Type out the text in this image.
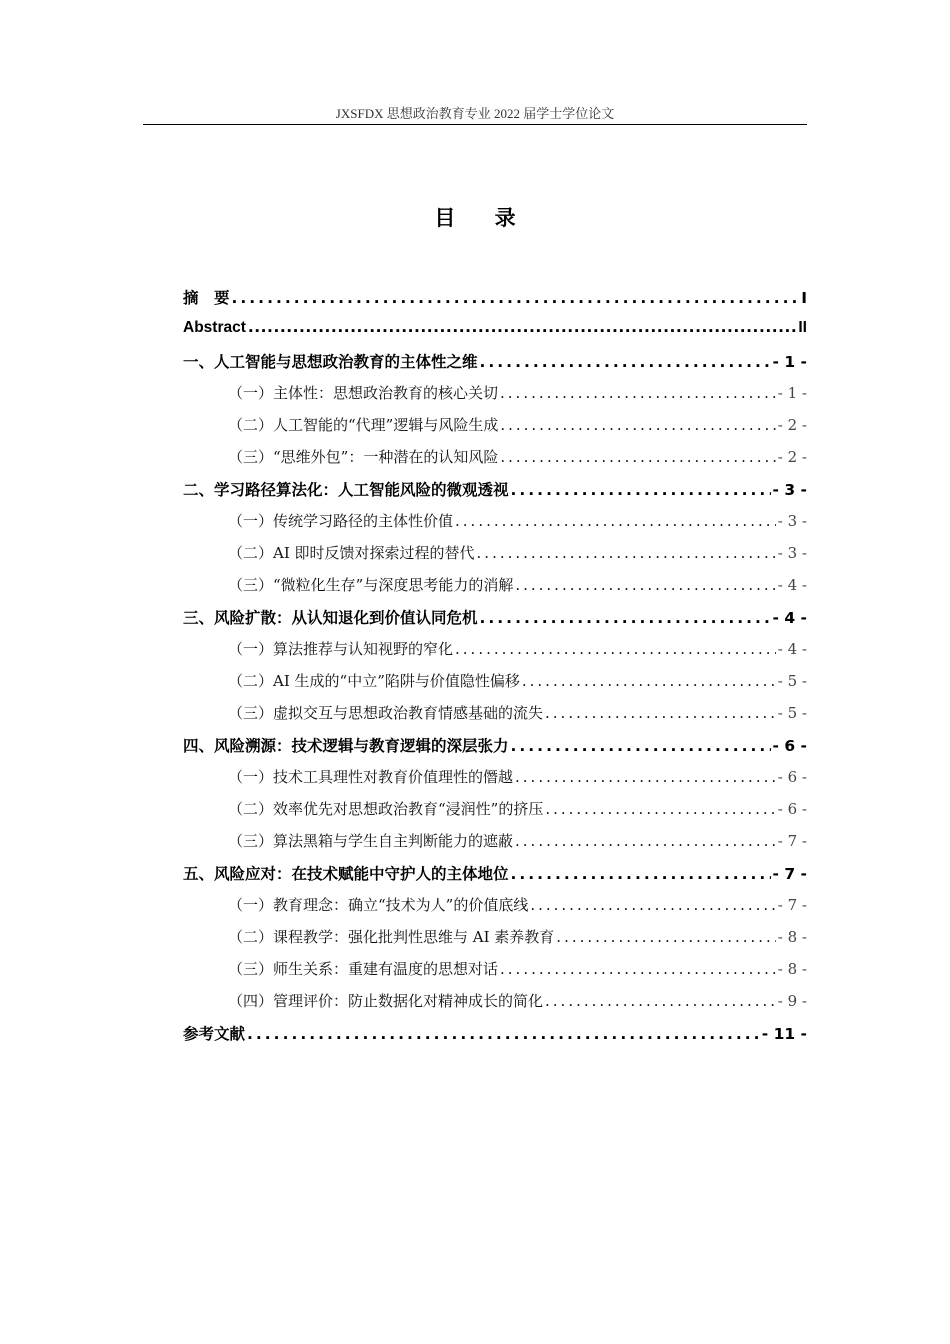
JXSFDX 思想政治教育专业 2022 届学士学位论文
目 录
摘　要 .....	I
Abstract .....	II
一、人工智能与思想政治教育的主体性之维 .....	- 1 -
（一）主体性：思想政治教育的核心关切 .....	- 1 -
（二）人工智能的“代理”逻辑与风险生成 .....	- 2 -
（三）“思维外包”：一种潜在的认知风险 .....	- 2 -
二、学习路径算法化：人工智能风险的微观透视 .....	- 3 -
（一）传统学习路径的主体性价值 .....	- 3 -
（二）AI 即时反馈对探索过程的替代 .....	- 3 -
（三）“微粒化生存”与深度思考能力的消解 .....	- 4 -
三、风险扩散：从认知退化到价值认同危机 .....	- 4 -
（一）算法推荐与认知视野的窄化 .....	- 4 -
（二）AI 生成的“中立”陷阱与价值隐性偏移 .....	- 5 -
（三）虚拟交互与思想政治教育情感基础的流失 .....	- 5 -
四、风险溯源：技术逻辑与教育逻辑的深层张力 .....	- 6 -
（一）技术工具理性对教育价值理性的僭越 .....	- 6 -
（二）效率优先对思想政治教育“浸润性”的挤压 .....	- 6 -
（三）算法黑箱与学生自主判断能力的遮蔽 .....	- 7 -
五、风险应对：在技术赋能中守护人的主体地位 .....	- 7 -
（一）教育理念：确立“技术为人”的价值底线 .....	- 7 -
（二）课程教学：强化批判性思维与 AI 素养教育 .....	- 8 -
（三）师生关系：重建有温度的思想对话 .....	- 8 -
（四）管理评价：防止数据化对精神成长的简化 .....	- 9 -
参考文献 .....	- 11 -
